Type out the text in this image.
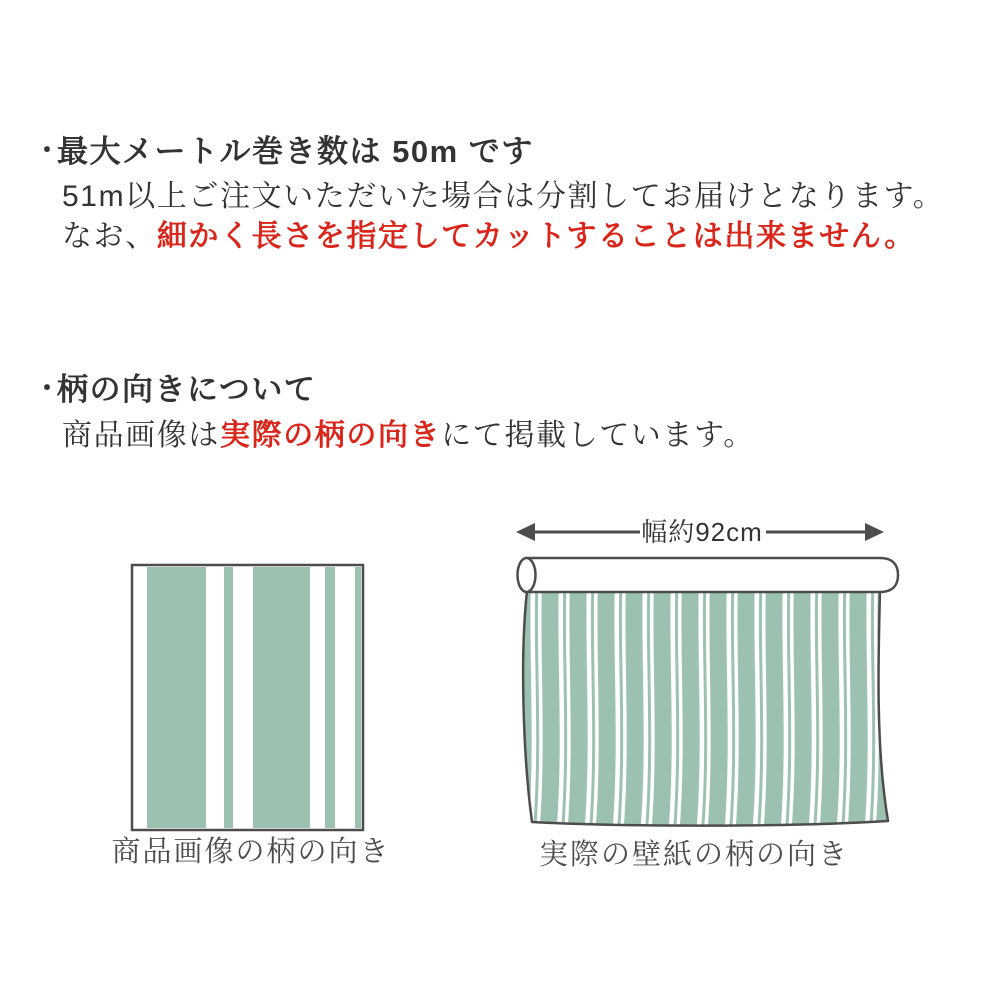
・
最大メートル巻き数は 50m です
51m以上ご注文いただいた場合は分割してお届けとなります。
なお、細かく長さを指定してカットすることは出来ません。
・
柄の向きについて
商品画像は実際の柄の向きにて掲載しています。
商品画像の柄の向き
幅約92cm
実際の壁紙の柄の向き
